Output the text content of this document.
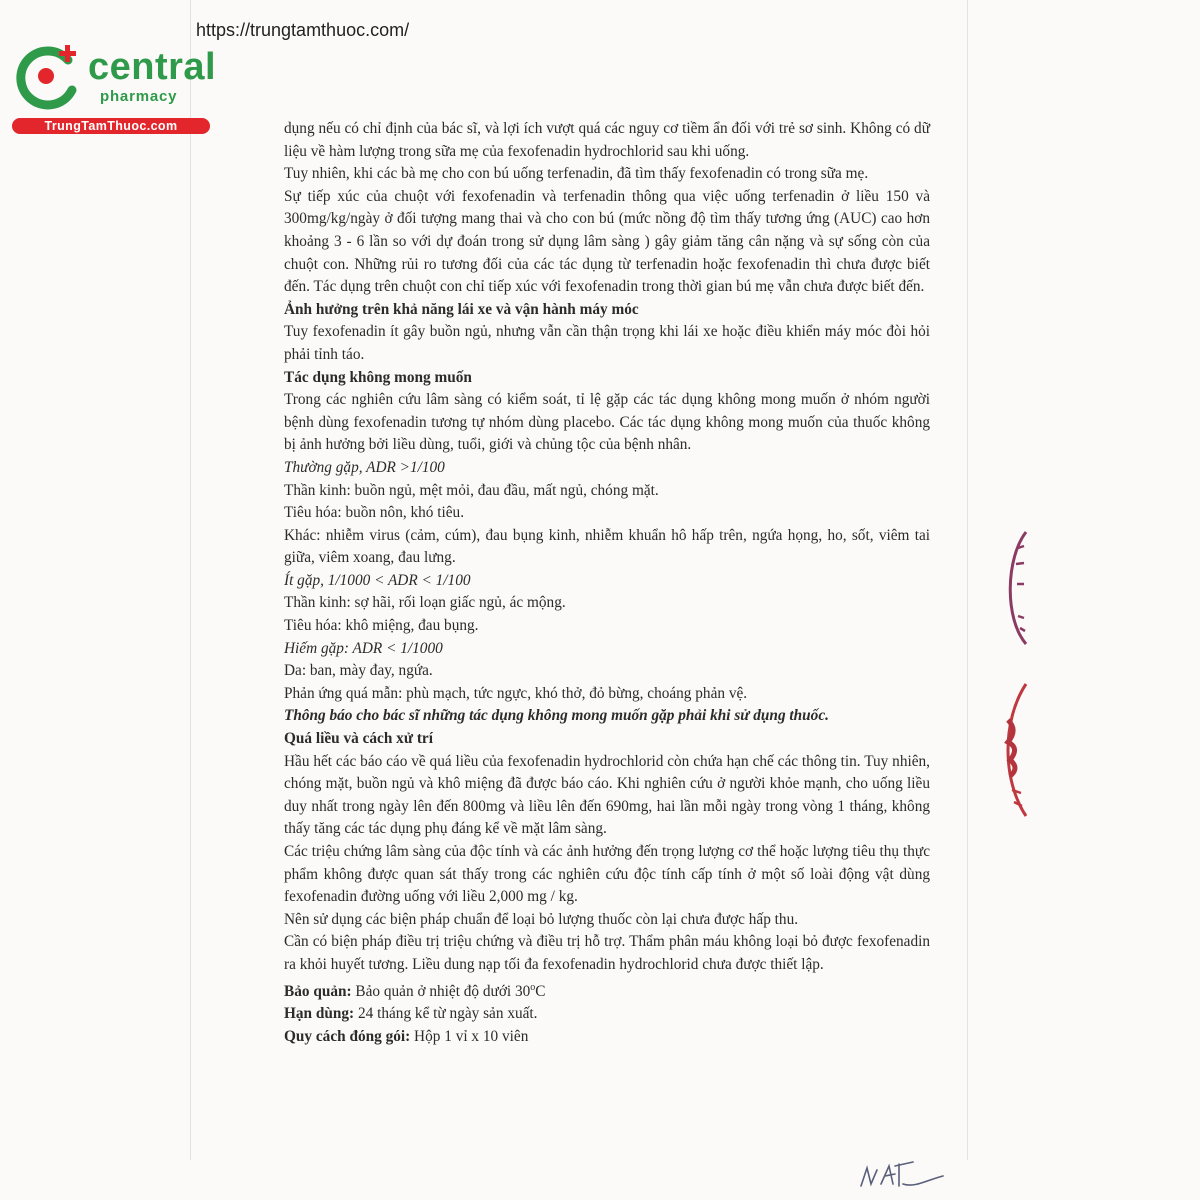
https://trungtamthuoc.com/
central
pharmacy
TrungTamThuoc.com	dụng nếu có chỉ định của bác sĩ, và lợi ích vượt quá các nguy cơ tiềm ẩn đối với trẻ sơ sinh. Không có dữ liệu về hàm lượng trong sữa mẹ của fexofenadin hydrochlorid sau khi uống.

Tuy nhiên, khi các bà mẹ cho con bú uống terfenadin, đã tìm thấy fexofenadin có trong sữa mẹ.

Sự tiếp xúc của chuột với fexofenadin và terfenadin thông qua việc uống terfenadin ở liều 150 và 300mg/kg/ngày ở đối tượng mang thai và cho con bú (mức nồng độ tìm thấy tương ứng (AUC) cao hơn khoảng 3 - 6 lần so với dự đoán trong sử dụng lâm sàng ) gây giảm tăng cân nặng và sự sống còn của chuột con. Những rủi ro tương đối của các tác dụng từ terfenadin hoặc fexofenadin thì chưa được biết đến. Tác dụng trên chuột con chỉ tiếp xúc với fexofenadin trong thời gian bú mẹ vẫn chưa được biết đến.

Ảnh hưởng trên khả năng lái xe và vận hành máy móc

Tuy fexofenadin ít gây buồn ngủ, nhưng vẫn cần thận trọng khi lái xe hoặc điều khiển máy móc đòi hỏi phải tỉnh táo.

Tác dụng không mong muốn

Trong các nghiên cứu lâm sàng có kiểm soát, tỉ lệ gặp các tác dụng không mong muốn ở nhóm người bệnh dùng fexofenadin tương tự nhóm dùng placebo. Các tác dụng không mong muốn của thuốc không bị ảnh hưởng bởi liều dùng, tuổi, giới và chủng tộc của bệnh nhân.

Thường gặp, ADR >1/100

Thần kinh: buồn ngủ, mệt mỏi, đau đầu, mất ngủ, chóng mặt.

Tiêu hóa: buồn nôn, khó tiêu.

Khác: nhiễm virus (cảm, cúm), đau bụng kinh, nhiễm khuẩn hô hấp trên, ngứa họng, ho, sốt, viêm tai giữa, viêm xoang, đau lưng.

Ít gặp, 1/1000 < ADR < 1/100

Thần kinh: sợ hãi, rối loạn giấc ngủ, ác mộng.

Tiêu hóa: khô miệng, đau bụng.

Hiếm gặp: ADR < 1/1000

Da: ban, mày đay, ngứa.

Phản ứng quá mẫn: phù mạch, tức ngực, khó thở, đỏ bừng, choáng phản vệ.

Thông báo cho bác sĩ những tác dụng không mong muốn gặp phải khi sử dụng thuốc.

Quá liều và cách xử trí

Hầu hết các báo cáo về quá liều của fexofenadin hydrochlorid còn chứa hạn chế các thông tin. Tuy nhiên, chóng mặt, buồn ngủ và khô miệng đã được báo cáo. Khi nghiên cứu ở người khỏe mạnh, cho uống liều duy nhất trong ngày lên đến 800mg và liều lên đến 690mg, hai lần mỗi ngày trong vòng 1 tháng, không thấy tăng các tác dụng phụ đáng kể về mặt lâm sàng.

Các triệu chứng lâm sàng của độc tính và các ảnh hưởng đến trọng lượng cơ thể hoặc lượng tiêu thụ thực phẩm không được quan sát thấy trong các nghiên cứu độc tính cấp tính ở một số loài động vật dùng fexofenadin đường uống với liều 2,000 mg / kg.

Nên sử dụng các biện pháp chuẩn để loại bỏ lượng thuốc còn lại chưa được hấp thu.

Cần có biện pháp điều trị triệu chứng và điều trị hỗ trợ. Thẩm phân máu không loại bỏ được fexofenadin ra khỏi huyết tương. Liều dung nạp tối đa fexofenadin hydrochlorid chưa được thiết lập.

Bảo quản: Bảo quản ở nhiệt độ dưới 30$^o$C

Hạn dùng: 24 tháng kể từ ngày sản xuất.

Quy cách đóng gói: Hộp 1 vỉ x 10 viên
